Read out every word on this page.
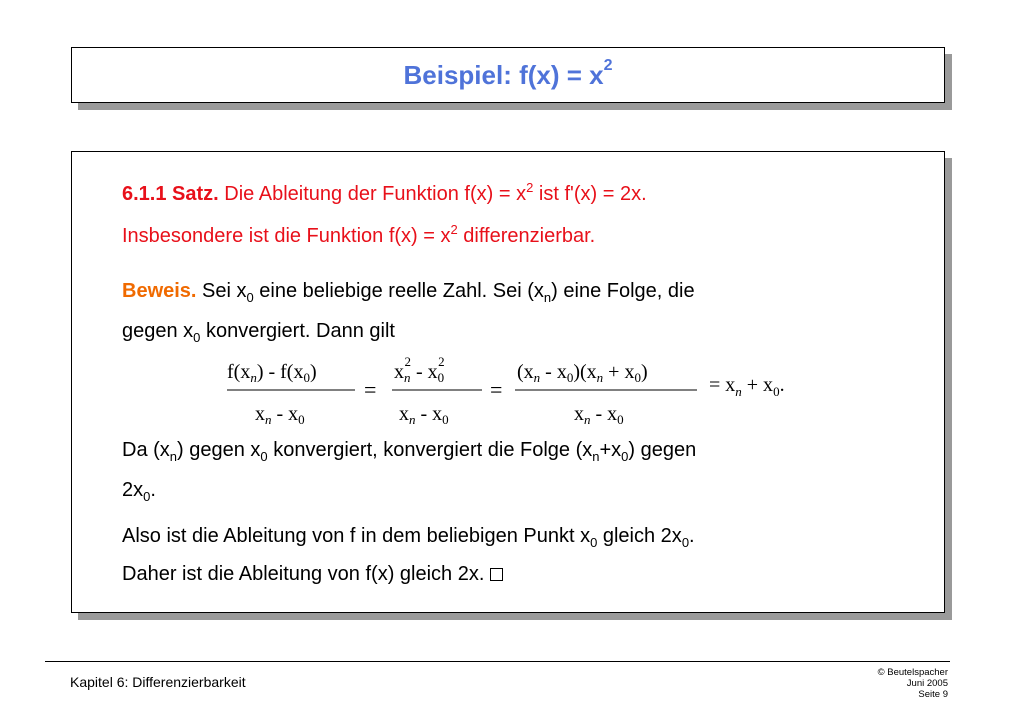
Beispiel: $f(x) = x^2$
6.1.1 Satz. Die Ableitung der Funktion $f(x) = x^2$ ist f'(x) = 2x.
Insbesondere ist die Funktion $f(x) = x^2$ differenzierbar.
Beweis. Sei $x_0$ eine beliebige reelle Zahl. Sei $(x_n)$ eine Folge, die
gegen $x_0$ konvergiert. Dann gilt
$f(x_n) - f(x_0)$
$x_n - x_0$
=
$x_n2 - x_02$
$x_n - x_0$
=
$(x_n - x_0)(x_n + x_0)$
$x_n - x_0$
= $x_n + x_0$.
Da $(x_n)$ gegen $x_0$ konvergiert, konvergiert die Folge $(x_n+x_0)$ gegen
$2x_0$.
Also ist die Ableitung von f in dem beliebigen Punkt $x_0$ gleich $2x_0$.
Daher ist die Ableitung von f(x) gleich 2x.
Kapitel 6: Differenzierbarkeit
© Beutelspacher
Juni 2005
Seite 9
